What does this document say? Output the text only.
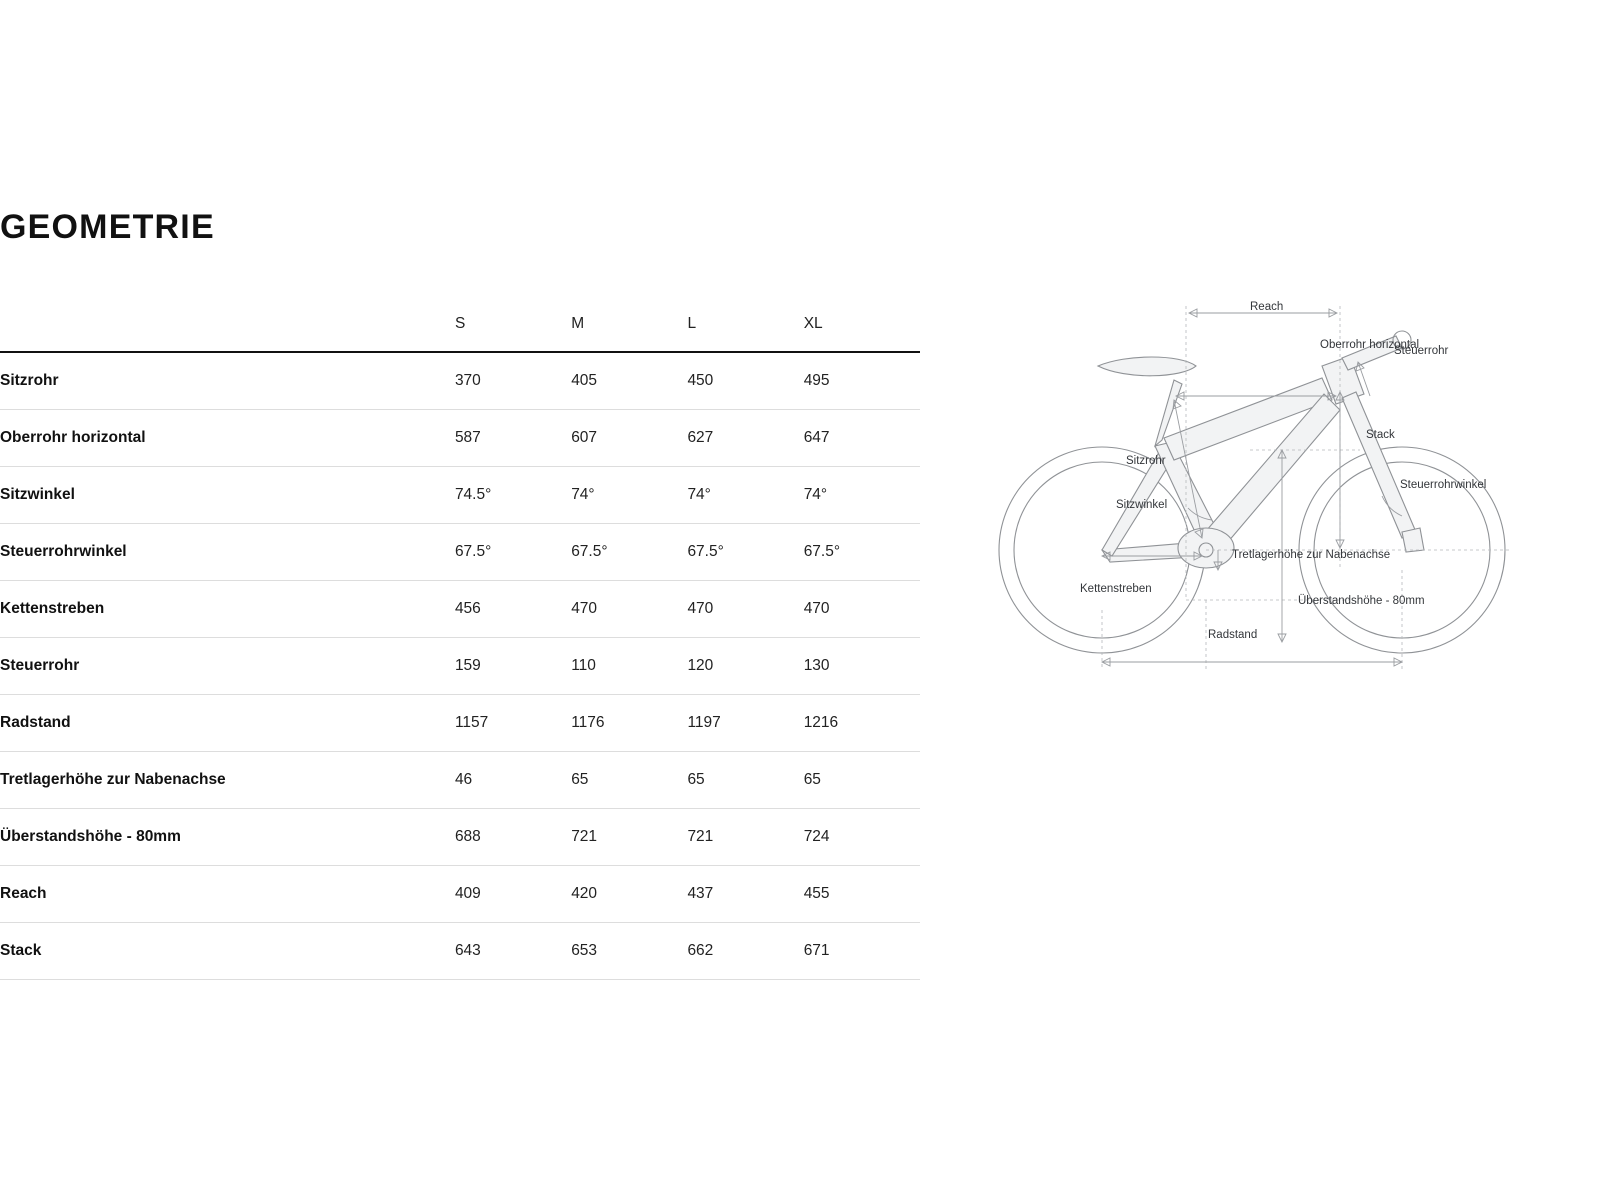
GEOMETRIE
	S	M	L	XL
Sitzrohr	370	405	450	495
Oberrohr horizontal	587	607	627	647
Sitzwinkel	74.5°	74°	74°	74°
Steuerrohrwinkel	67.5°	67.5°	67.5°	67.5°
Kettenstreben	456	470	470	470
Steuerrohr	159	110	120	130
Radstand	1157	1176	1197	1216
Tretlagerhöhe zur Nabenachse	46	65	65	65
Überstandshöhe - 80mm	688	721	721	724
Reach	409	420	437	455
Stack	643	653	662	671
Reach
Oberrohr horizontal
Steuerrohr
Stack
Steuerrohrwinkel
Sitzrohr
Sitzwinkel
Tretlagerhöhe zur Nabenachse
Kettenstreben
Überstandshöhe - 80mm
Radstand
